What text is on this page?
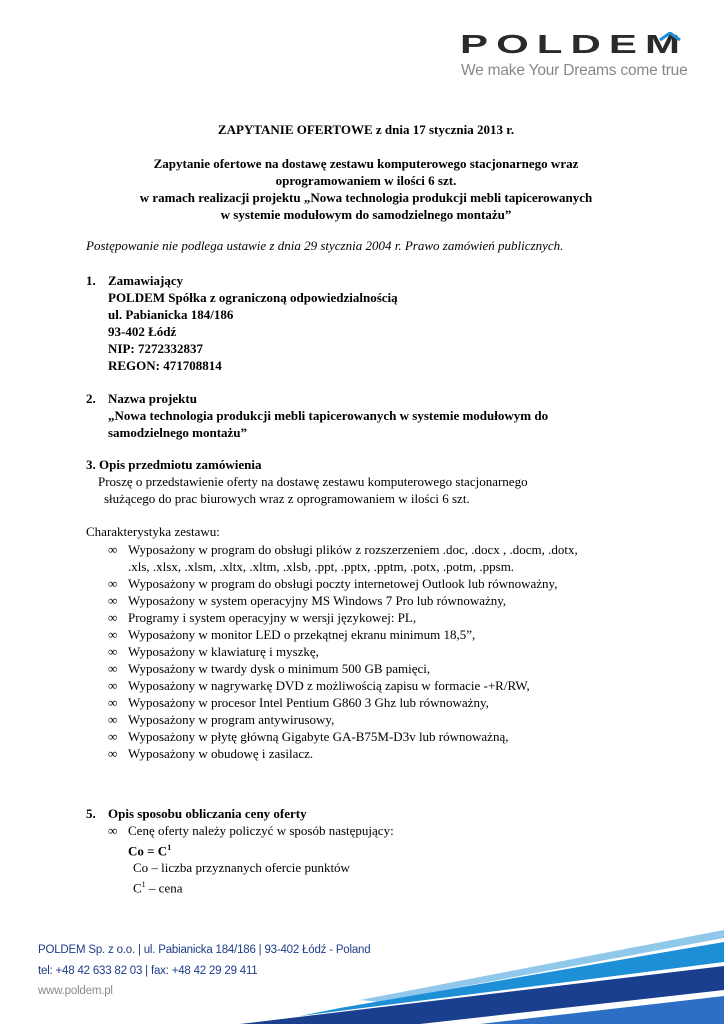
POLDEM
We make Your Dreams come true
ZAPYTANIE OFERTOWE z dnia 17 stycznia 2013 r.
Zapytanie ofertowe na dostawę zestawu komputerowego stacjonarnego wraz
oprogramowaniem w ilości 6 szt.
w ramach realizacji projektu „Nowa technologia produkcji mebli tapicerowanych
w systemie modułowym do samodzielnego montażu”
Postępowanie nie podlega ustawie z dnia 29 stycznia 2004 r. Prawo zamówień publicznych.
1. Zamawiający
POLDEM Spółka z ograniczoną odpowiedzialnością
ul. Pabianicka 184/186
93-402 Łódź
NIP: 7272332837
REGON: 471708814
2. Nazwa projektu
„Nowa technologia produkcji mebli tapicerowanych w systemie modułowym do
samodzielnego montażu”
3. Opis przedmiotu zamówienia
Proszę o przedstawienie oferty na dostawę zestawu komputerowego stacjonarnego
służącego do prac biurowych wraz z oprogramowaniem w ilości 6 szt.
Charakterystyka zestawu:
∞ Wyposażony w program do obsługi plików z rozszerzeniem .doc, .docx , .docm, .dotx,
.xls, .xlsx, .xlsm, .xltx, .xltm, .xlsb, .ppt, .pptx, .pptm, .potx, .potm, .ppsm.
∞ Wyposażony w program do obsługi poczty internetowej Outlook lub równoważny,
∞ Wyposażony w system operacyjny MS Windows 7 Pro lub równoważny,
∞ Programy i system operacyjny w wersji językowej: PL,
∞ Wyposażony w monitor LED o przekątnej ekranu minimum 18,5”,
∞ Wyposażony w klawiaturę i myszkę,
∞ Wyposażony w twardy dysk o minimum 500 GB pamięci,
∞ Wyposażony w nagrywarkę DVD z możliwością zapisu w formacie -+R/RW,
∞ Wyposażony w procesor Intel Pentium G860 3 Ghz lub równoważny,
∞ Wyposażony w program antywirusowy,
∞ Wyposażony w płytę główną Gigabyte GA-B75M-D3v lub równoważną,
∞ Wyposażony w obudowę i zasilacz.
5. Opis sposobu obliczania ceny oferty
∞ Cenę oferty należy policzyć w sposób następujący:
$Co = C^1$
Co – liczba przyznanych ofercie punktów
$C^1$ – cena
POLDEM Sp. z o.o. | ul. Pabianicka 184/186 | 93-402 Łódź - Poland
tel: +48 42 633 82 03 | fax: +48 42 29 29 411
www.poldem.pl
